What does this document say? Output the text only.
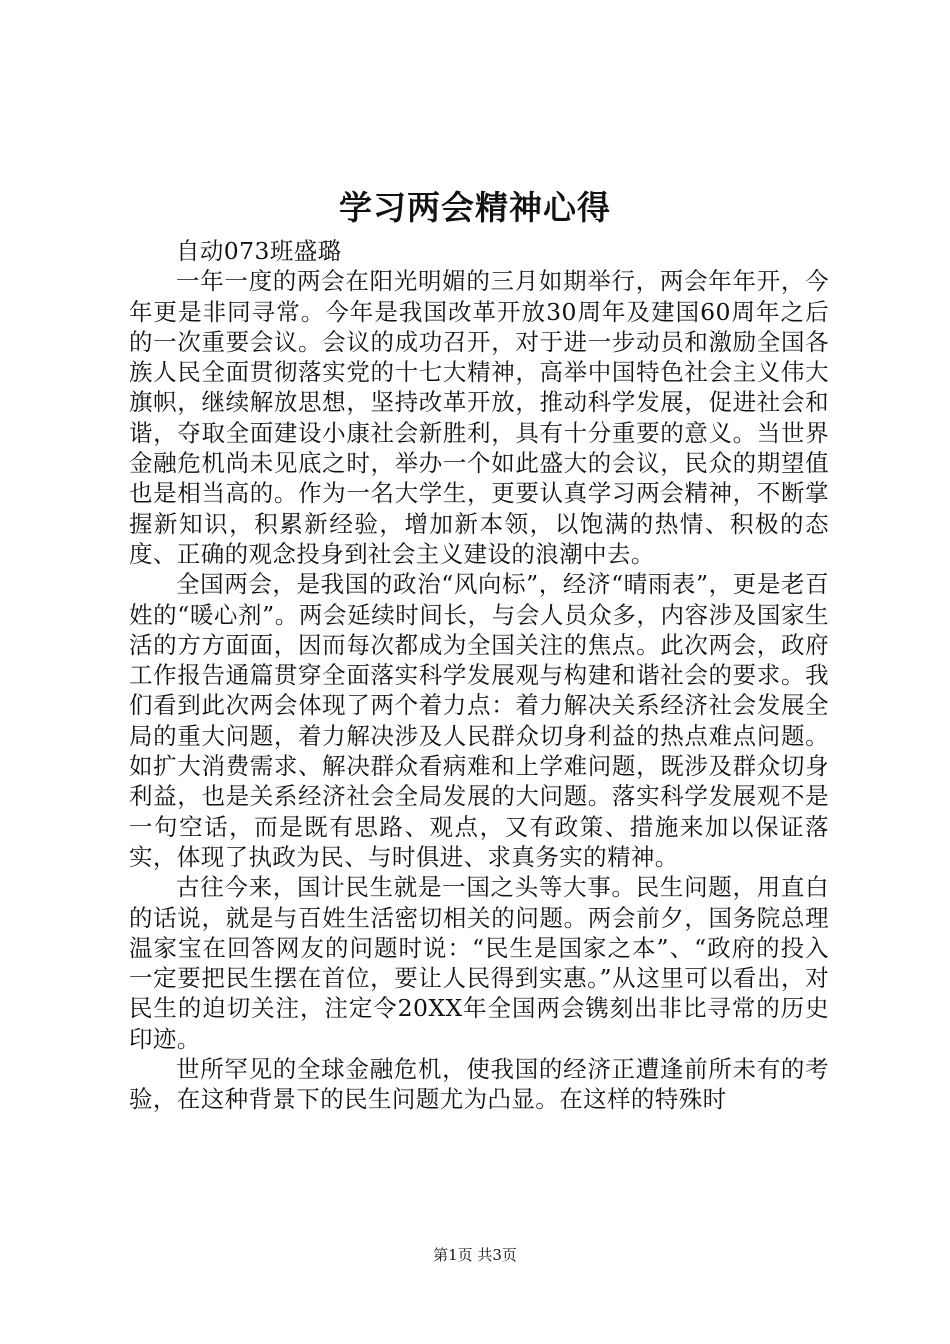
学习两会精神心得

自动073班盛璐

一年一度的两会在阳光明媚的三月如期举行，两会年年开，今年更是非同寻常。今年是我国改革开放30周年及建国60周年之后的一次重要会议。会议的成功召开，对于进一步动员和激励全国各族人民全面贯彻落实党的十七大精神，高举中国特色社会主义伟大旗帜，继续解放思想，坚持改革开放，推动科学发展，促进社会和谐，夺取全面建设小康社会新胜利，具有十分重要的意义。当世界金融危机尚未见底之时，举办一个如此盛大的会议，民众的期望值也是相当高的。作为一名大学生，更要认真学习两会精神，不断掌握新知识，积累新经验，增加新本领，以饱满的热情、积极的态度、正确的观念投身到社会主义建设的浪潮中去。

全国两会，是我国的政治“风向标”，经济“晴雨表”，更是老百姓的“暖心剂”。两会延续时间长，与会人员众多，内容涉及国家生活的方方面面，因而每次都成为全国关注的焦点。此次两会，政府工作报告通篇贯穿全面落实科学发展观与构建和谐社会的要求。我们看到此次两会体现了两个着力点：着力解决关系经济社会发展全局的重大问题，着力解决涉及人民群众切身利益的热点难点问题。如扩大消费需求、解决群众看病难和上学难问题，既涉及群众切身利益，也是关系经济社会全局发展的大问题。落实科学发展观不是一句空话，而是既有思路、观点，又有政策、措施来加以保证落实，体现了执政为民、与时俱进、求真务实的精神。

古往今来，国计民生就是一国之头等大事。民生问题，用直白的话说，就是与百姓生活密切相关的问题。两会前夕，国务院总理温家宝在回答网友的问题时说：“民生是国家之本”、“政府的投入一定要把民生摆在首位，要让人民得到实惠。”从这里可以看出，对民生的迫切关注，注定令20XX年全国两会镌刻出非比寻常的历史印迹。

世所罕见的全球金融危机，使我国的经济正遭逢前所未有的考验，在这种背景下的民生问题尤为凸显。在这样的特殊时

第1页 共3页
